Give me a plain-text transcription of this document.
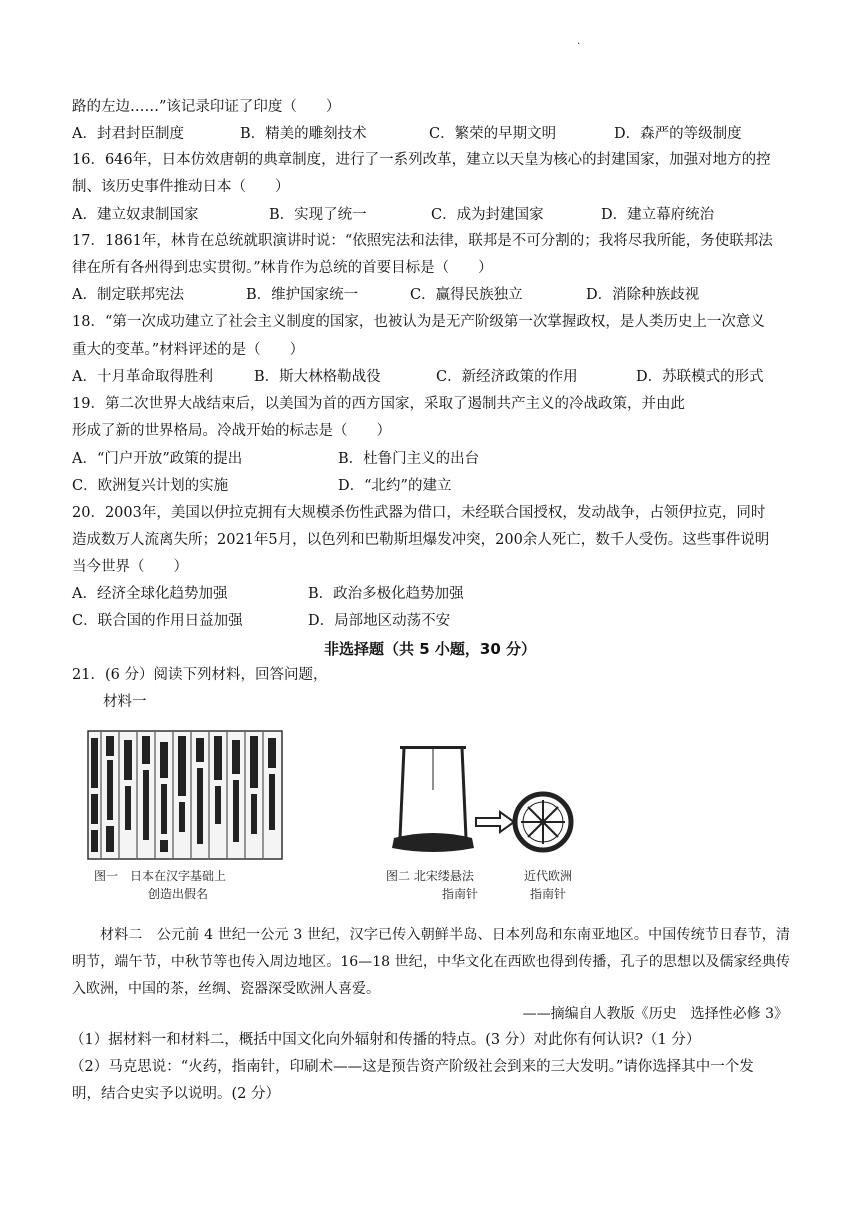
.
路的左边……”该记录印证了印度（　　）
A．封君封臣制度	B．精美的雕刻技术	C．繁荣的早期文明	D．森严的等级制度
16．646年，日本仿效唐朝的典章制度，进行了一系列改革，建立以天皇为核心的封建国家，加强对地方的控
制、该历史事件推动日本（　　）
A．建立奴隶制国家	B．实现了统一	C．成为封建国家	D．建立幕府统治
17．1861年，林肯在总统就职演讲时说：“依照宪法和法律，联邦是不可分割的；我将尽我所能，务使联邦法
律在所有各州得到忠实贯彻。”林肯作为总统的首要目标是（　　）
A．制定联邦宪法	B．维护国家统一	C．赢得民族独立	D．消除种族歧视
18．“第一次成功建立了社会主义制度的国家，也被认为是无产阶级第一次掌握政权，是人类历史上一次意义
重大的变革。”材料评述的是（　　）
A．十月革命取得胜利	B．斯大林格勒战役	C．新经济政策的作用	D．苏联模式的形式
19．第二次世界大战结束后，以美国为首的西方国家，采取了遏制共产主义的冷战政策，并由此
形成了新的世界格局。冷战开始的标志是（　　）
A．“门户开放”政策的提出	B．杜鲁门主义的出台
C．欧洲复兴计划的实施	D．“北约”的建立
20．2003年，美国以伊拉克拥有大规模杀伤性武器为借口，未经联合国授权，发动战争，占领伊拉克，同时
造成数万人流离失所；2021年5月，以色列和巴勒斯坦爆发冲突，200余人死亡，数千人受伤。这些事件说明
当今世界（　　）
A．经济全球化趋势加强	B．政治多极化趋势加强
C．联合国的作用日益加强	D．局部地区动荡不安
非选择题（共 5 小题，30 分）
21．(6 分）阅读下列材料，回答问题，
材料一
图一　日本在汉字基础上
创造出假名
图二 北宋缕悬法
指南针
近代欧洲
指南针
材料二　公元前 4 世纪一公元 3 世纪，汉字已传入朝鲜半岛、日本列岛和东南亚地区。中国传统节日春节，清明节，端午节，中秋节等也传入周边地区。16—18 世纪，中华文化在西欧也得到传播，孔子的思想以及儒家经典传入欧洲，中国的茶，丝绸、瓷器深受欧洲人喜爱。
——摘编自人教版《历史　选择性必修 3》
（1）据材料一和材料二，概括中国文化向外辐射和传播的特点。(3 分）对此你有何认识?（1 分）
（2）马克思说：“火药，指南针，印刷术——这是预告资产阶级社会到来的三大发明。”请你选择其中一个发
明，结合史实予以说明。(2 分）
